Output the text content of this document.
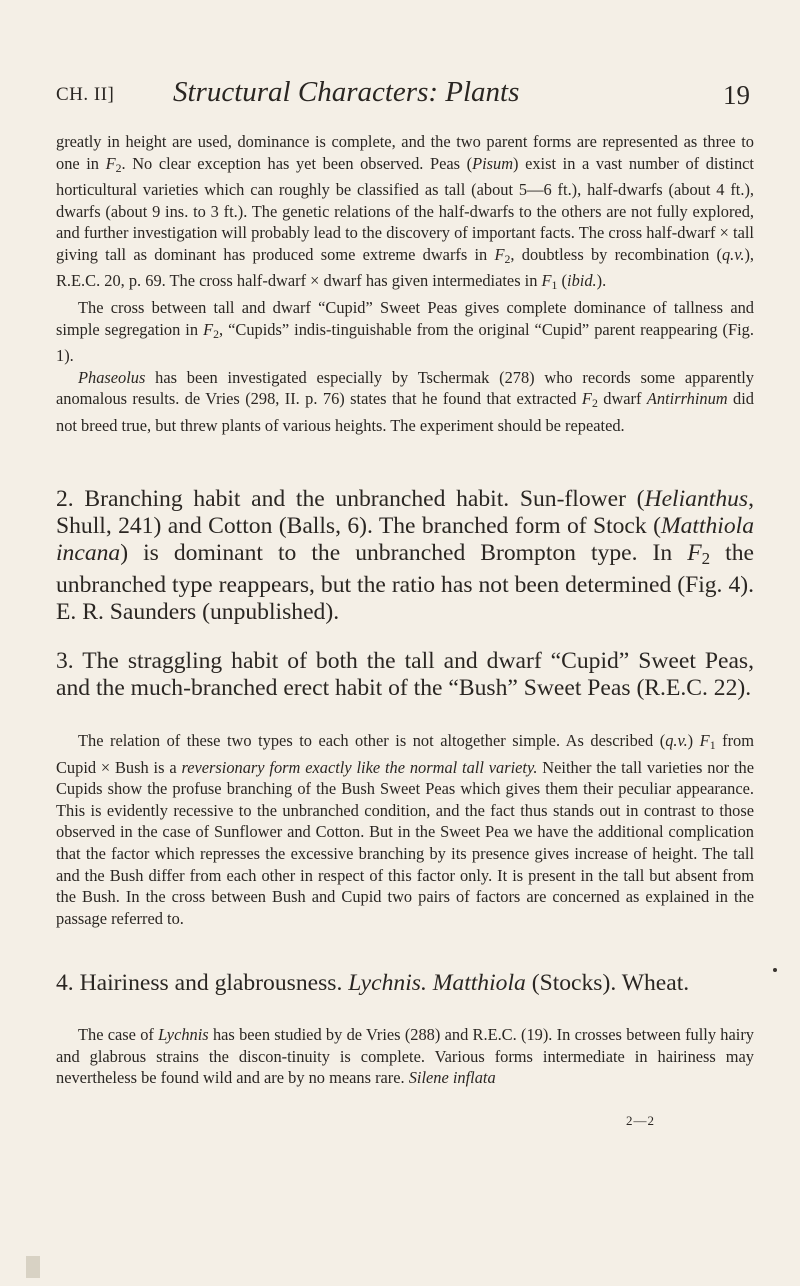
CH. II] Structural Characters: Plants	19

greatly in height are used, dominance is complete, and the two parent forms are represented as three to one in $F_2$. No clear exception has yet been observed. Peas (Pisum) exist in a vast number of distinct horticultural varieties which can roughly be classified as tall (about 5—6 ft.), half-dwarfs (about 4 ft.), dwarfs (about 9 ins. to 3 ft.). The genetic relations of the half-dwarfs to the others are not fully explored, and further investigation will probably lead to the discovery of important facts. The cross half-dwarf × tall giving tall as dominant has produced some extreme dwarfs in $F_2$, doubtless by recombination (q.v.), R.E.C. 20, p. 69. The cross half-dwarf × dwarf has given intermediates in $F_1$ (ibid.).

The cross between tall and dwarf “Cupid” Sweet Peas gives complete dominance of tallness and simple segregation in $F_2$, “Cupids” indis-tinguishable from the original “Cupid” parent reappearing (Fig. 1).

Phaseolus has been investigated especially by Tschermak (278) who records some apparently anomalous results. de Vries (298, II. p. 76) states that he found that extracted $F_2$ dwarf Antirrhinum did not breed true, but threw plants of various heights. The experiment should be repeated.

2. Branching habit and the unbranched habit. Sun-flower (Helianthus, Shull, 241) and Cotton (Balls, 6). The branched form of Stock (Matthiola incana) is dominant to the unbranched Brompton type. In $F_2$ the unbranched type reappears, but the ratio has not been determined (Fig. 4). E. R. Saunders (unpublished).
3. The straggling habit of both the tall and dwarf “Cupid” Sweet Peas, and the much-branched erect habit of the “Bush” Sweet Peas (R.E.C. 22).

The relation of these two types to each other is not altogether simple. As described (q.v.) $F_1$ from Cupid × Bush is a reversionary form exactly like the normal tall variety. Neither the tall varieties nor the Cupids show the profuse branching of the Bush Sweet Peas which gives them their peculiar appearance. This is evidently recessive to the unbranched condition, and the fact thus stands out in contrast to those observed in the case of Sunflower and Cotton. But in the Sweet Pea we have the additional complication that the factor which represses the excessive branching by its presence gives increase of height. The tall and the Bush differ from each other in respect of this factor only. It is present in the tall but absent from the Bush. In the cross between Bush and Cupid two pairs of factors are concerned as explained in the passage referred to.

4. Hairiness and glabrousness. Lychnis. Matthiola (Stocks). Wheat.

The case of Lychnis has been studied by de Vries (288) and R.E.C. (19). In crosses between fully hairy and glabrous strains the discon-tinuity is complete. Various forms intermediate in hairiness may nevertheless be found wild and are by no means rare. Silene inflata

2—2
